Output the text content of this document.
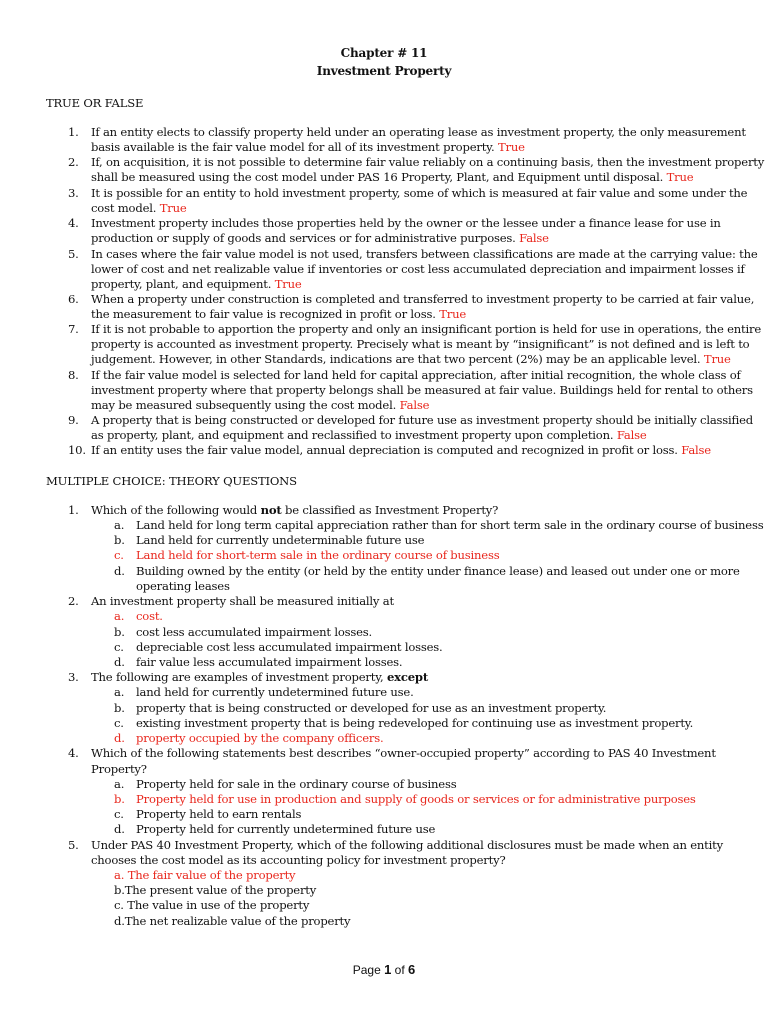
Chapter # 11
Investment Property
TRUE OR FALSE
1. If an entity elects to classify property held under an operating lease as investment property, the only measurement
basis available is the fair value model for all of its investment property. True
2. If, on acquisition, it is not possible to determine fair value reliably on a continuing basis, then the investment property
shall be measured using the cost model under PAS 16 Property, Plant, and Equipment until disposal. True
3. It is possible for an entity to hold investment property, some of which is measured at fair value and some under the
cost model. True
4. Investment property includes those properties held by the owner or the lessee under a finance lease for use in
production or supply of goods and services or for administrative purposes. False
5. In cases where the fair value model is not used, transfers between classifications are made at the carrying value: the
lower of cost and net realizable value if inventories or cost less accumulated depreciation and impairment losses if
property, plant, and equipment. True
6. When a property under construction is completed and transferred to investment property to be carried at fair value,
the measurement to fair value is recognized in profit or loss. True
7. If it is not probable to apportion the property and only an insignificant portion is held for use in operations, the entire
property is accounted as investment property. Precisely what is meant by “insignificant” is not defined and is left to
judgement. However, in other Standards, indications are that two percent (2%) may be an applicable level. True
8. If the fair value model is selected for land held for capital appreciation, after initial recognition, the whole class of
investment property where that property belongs shall be measured at fair value. Buildings held for rental to others
may be measured subsequently using the cost model. False
9. A property that is being constructed or developed for future use as investment property should be initially classified
as property, plant, and equipment and reclassified to investment property upon completion. False
10. If an entity uses the fair value model, annual depreciation is computed and recognized in profit or loss. False
MULTIPLE CHOICE: THEORY QUESTIONS
1. Which of the following would not be classified as Investment Property?
a. Land held for long term capital appreciation rather than for short term sale in the ordinary course of business
b. Land held for currently undeterminable future use
c. Land held for short-term sale in the ordinary course of business
d. Building owned by the entity (or held by the entity under finance lease) and leased out under one or more
operating leases
2. An investment property shall be measured initially at
a. cost.
b. cost less accumulated impairment losses.
c. depreciable cost less accumulated impairment losses.
d. fair value less accumulated impairment losses.
3. The following are examples of investment property, except
a. land held for currently undetermined future use.
b. property that is being constructed or developed for use as an investment property.
c. existing investment property that is being redeveloped for continuing use as investment property.
d. property occupied by the company officers.
4. Which of the following statements best describes “owner-occupied property” according to PAS 40 Investment
Property?
a. Property held for sale in the ordinary course of business
b. Property held for use in production and supply of goods or services or for administrative purposes
c. Property held to earn rentals
d. Property held for currently undetermined future use
5. Under PAS 40 Investment Property, which of the following additional disclosures must be made when an entity
chooses the cost model as its accounting policy for investment property?
a. The fair value of the property
b.The present value of the property
c. The value in use of the property
d.The net realizable value of the property
Page 1 of 6
